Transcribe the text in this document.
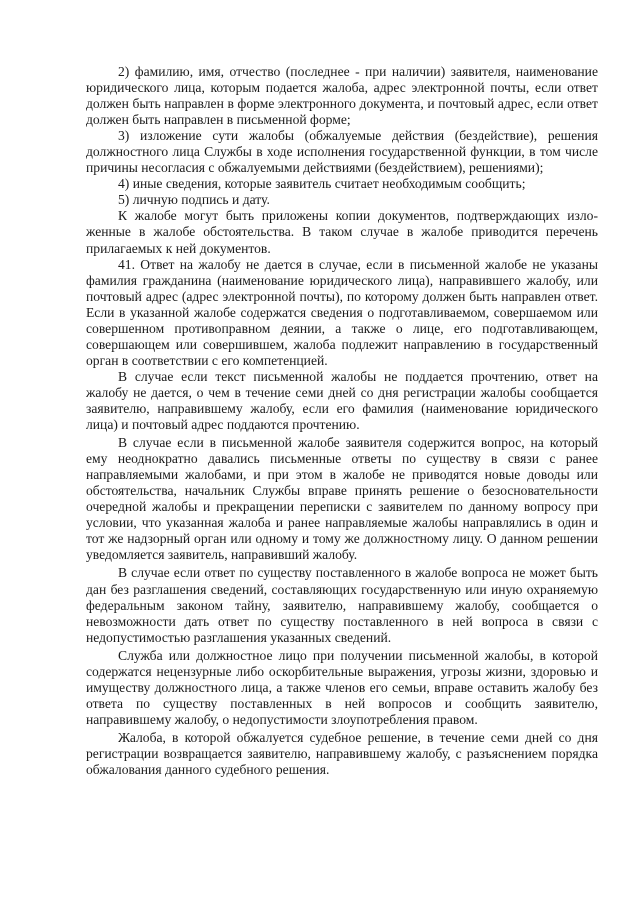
2) фамилию, имя, отчество (последнее - при наличии) заявителя, наименование юридического лица, которым подается жалоба, адрес электронной почты, если ответ должен быть направлен в форме электронного документа, и почтовый адрес, если ответ должен быть направлен в письменной форме;

3) изложение сути жалобы (обжалуемые действия (бездействие), решения должностного лица Службы в ходе исполнения государственной функции, в том числе причины несогласия с обжалуемыми действиями (бездействием), решениями);

4) иные сведения, которые заявитель считает необходимым сообщить;

5) личную подпись и дату.

К жалобе могут быть приложены копии документов, подтверждающих изложенные в жалобе обстоятельства. В таком случае в жалобе приводится перечень прилагаемых к ней документов.

41. Ответ на жалобу не дается в случае, если в письменной жалобе не указаны фамилия гражданина (наименование юридического лица), направившего жалобу, или почтовый адрес (адрес электронной почты), по которому должен быть направлен ответ. Если в указанной жалобе содержатся сведения о подготавливаемом, совершаемом или совершенном противоправном деянии, а также о лице, его подготавливающем, совершающем или совершившем, жалоба подлежит направлению в государственный орган в соответствии с его компетенцией.

В случае если текст письменной жалобы не поддается прочтению, ответ на жалобу не дается, о чем в течение семи дней со дня регистрации жалобы сообщается заявителю, направившему жалобу, если его фамилия (наименование юридического лица) и почтовый адрес поддаются прочтению.

В случае если в письменной жалобе заявителя содержится вопрос, на который ему неоднократно давались письменные ответы по существу в связи с ранее направляемыми жалобами, и при этом в жалобе не приводятся новые доводы или обстоятельства, начальник Службы вправе принять решение о безосновательности очередной жалобы и прекращении переписки с заявителем по данному вопросу при условии, что указанная жалоба и ранее направляемые жалобы направлялись в один и тот же надзорный орган или одному и тому же должностному лицу. О данном решении уведомляется заявитель, направивший жалобу.

В случае если ответ по существу поставленного в жалобе вопроса не может быть дан без разглашения сведений, составляющих государственную или иную охраняемую федеральным законом тайну, заявителю, направившему жалобу, сообщается о невозможности дать ответ по существу поставленного в ней вопроса в связи с недопустимостью разглашения указанных сведений.

Служба или должностное лицо при получении письменной жалобы, в которой содержатся нецензурные либо оскорбительные выражения, угрозы жизни, здоровью и имуществу должностного лица, а также членов его семьи, вправе оставить жалобу без ответа по существу поставленных в ней вопросов и сообщить заявителю, направившему жалобу, о недопустимости злоупотребления правом.

Жалоба, в которой обжалуется судебное решение, в течение семи дней со дня регистрации возвращается заявителю, направившему жалобу, с разъяснением порядка обжалования данного судебного решения.
